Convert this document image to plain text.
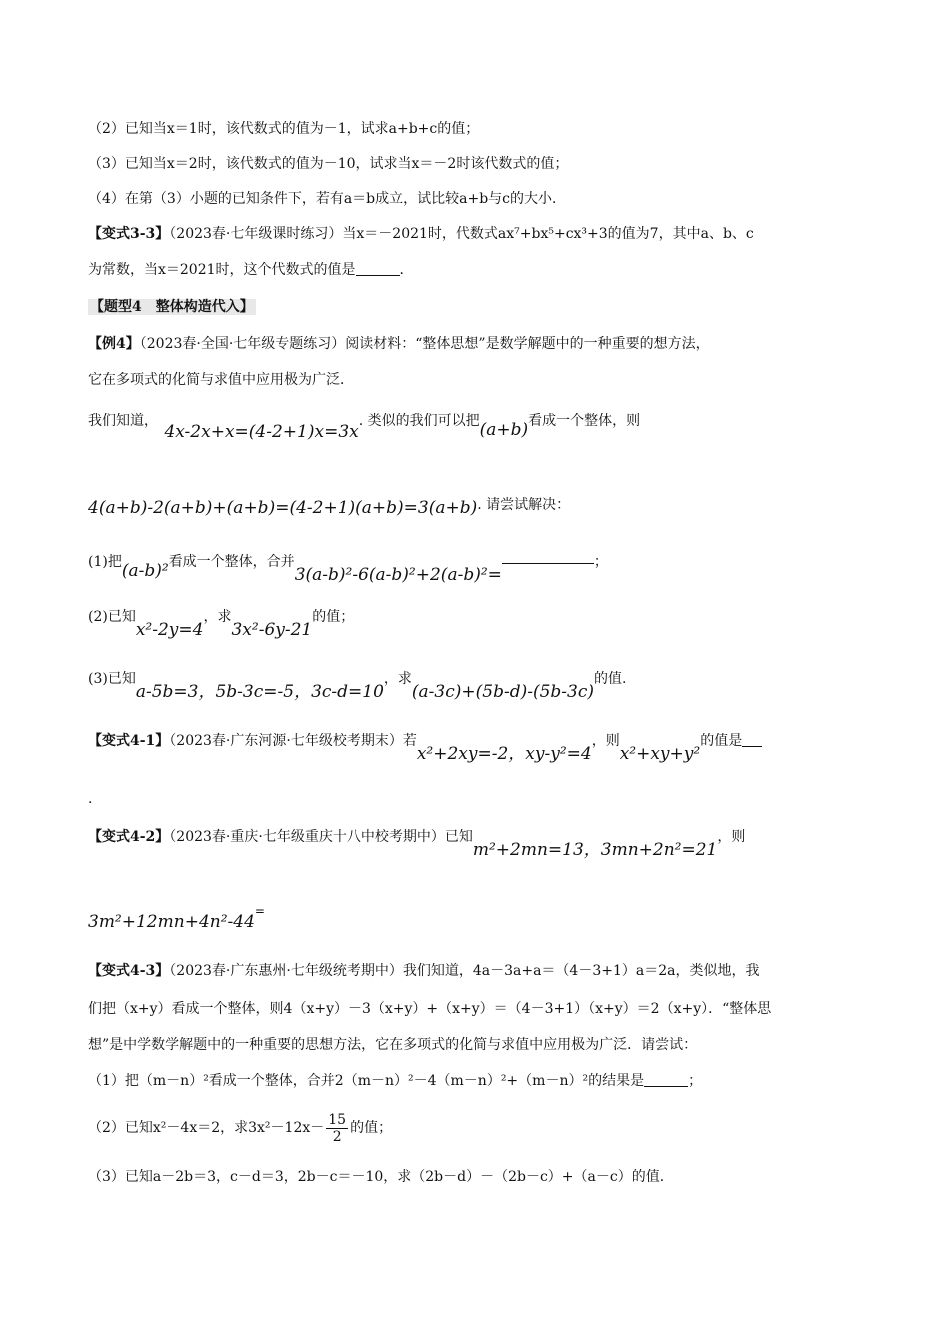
（2）已知当x＝1时，该代数式的值为－1，试求a+b+c的值；
（3）已知当x＝2时，该代数式的值为－10，试求当x＝－2时该代数式的值；
（4）在第（3）小题的已知条件下，若有a＝b成立，试比较a+b与c的大小．
【变式3-3】（2023春·七年级课时练习）当x＝－2021时，代数式ax⁷+bx⁵+cx³+3的值为7，其中a、b、c
为常数，当x＝2021时，这个代数式的值是	．
【题型4　整体构造代入】
【例4】（2023春·全国·七年级专题练习）阅读材料：“整体思想”是数学解题中的一种重要的想方法，
它在多项式的化简与求值中应用极为广泛．
我们知道， 4x-2x+x=(4-2+1)x=3x. 类似的我们可以把(a+b)看成一个整体，则
4(a+b)-2(a+b)+(a+b)=(4-2+1)(a+b)=3(a+b). 请尝试解决：
(1)把(a-b)²看成一个整体，合并3(a-b)²-6(a-b)²+2(a-b)²=；
(2)已知x²-2y=4，求3x²-6y-21的值；
(3)已知a-5b=3，5b-3c=-5，3c-d=10，求(a-3c)+(5b-d)-(5b-3c)的值.
【变式4-1】（2023春·广东河源·七年级校考期末）若x²+2xy=-2，xy-y²=4，则x²+xy+y²的值是
.
【变式4-2】（2023春·重庆·七年级重庆十八中校考期中）已知m²+2mn=13，3mn+2n²=21，则
3m²+12mn+4n²-44=
【变式4-3】（2023春·广东惠州·七年级统考期中）我们知道，4a－3a+a＝（4－3+1）a＝2a，类似地，我
们把（x+y）看成一个整体，则4（x+y）－3（x+y）+（x+y）＝（4－3+1）（x+y）＝2（x+y）．“整体思
想”是中学数学解题中的一种重要的思想方法，它在多项式的化简与求值中应用极为广泛．请尝试：
（1）把（m－n）²看成一个整体，合并2（m－n）²－4（m－n）²+（m－n）²的结果是	；
（2）已知x²－4x＝2，求$3x^2-12x- \frac{15}{2}$ 的值；
（3）已知a－2b＝3，c－d＝3，2b－c＝－10，求（2b－d）－（2b－c）+（a－c）的值．
